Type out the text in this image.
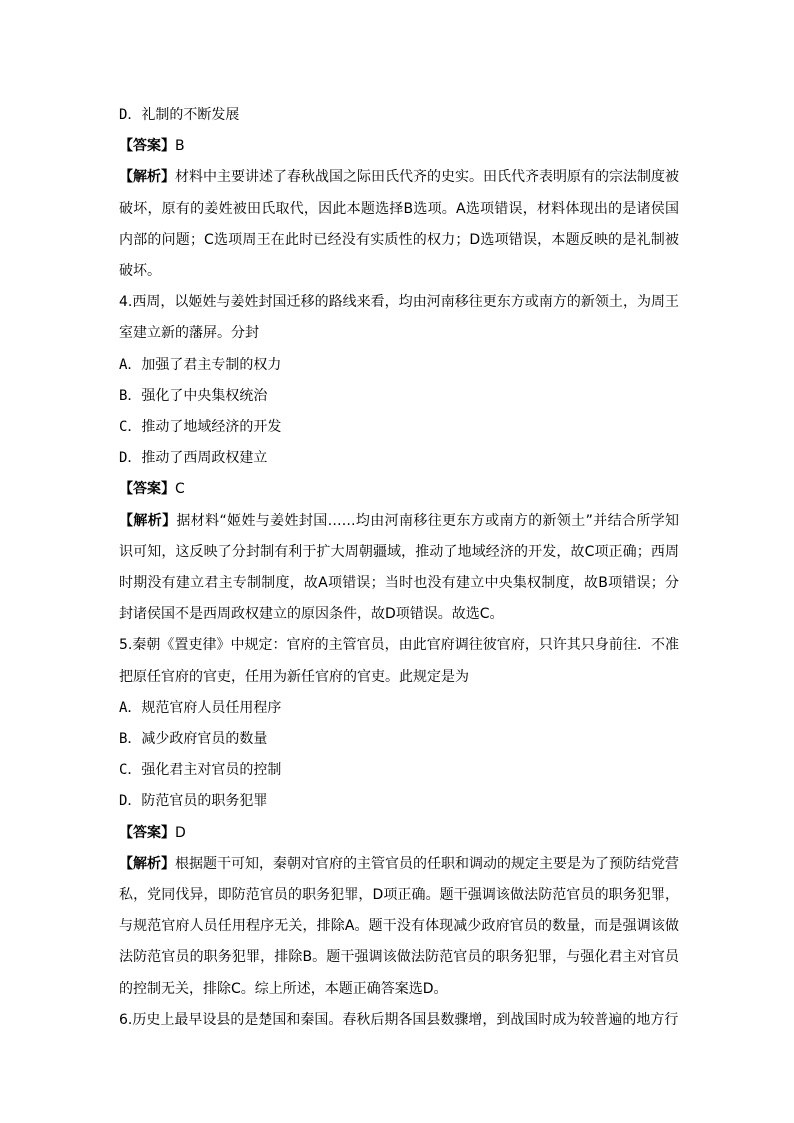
D．礼制的不断发展

【答案】B

【解析】材料中主要讲述了春秋战国之际田氏代齐的史实。田氏代齐表明原有的宗法制度被破坏，原有的姜姓被田氏取代，因此本题选择B选项。A选项错误，材料体现出的是诸侯国内部的问题；C选项周王在此时已经没有实质性的权力；D选项错误，本题反映的是礼制被破坏。

4.西周，以姬姓与姜姓封国迁移的路线来看，均由河南移往更东方或南方的新领土，为周王室建立新的藩屏。分封

A．加强了君主专制的权力

B．强化了中央集权统治

C．推动了地域经济的开发

D．推动了西周政权建立

【答案】C

【解析】据材料“姬姓与姜姓封国……均由河南移往更东方或南方的新领土”并结合所学知识可知，这反映了分封制有利于扩大周朝疆域，推动了地域经济的开发，故C项正确；西周时期没有建立君主专制制度，故A项错误；当时也没有建立中央集权制度，故B项错误；分封诸侯国不是西周政权建立的原因条件，故D项错误。故选C。

5.秦朝《置吏律》中规定：官府的主管官员，由此官府调往彼官府，只许其只身前往．不准把原任官府的官吏，任用为新任官府的官吏。此规定是为

A．规范官府人员任用程序

B．减少政府官员的数量

C．强化君主对官员的控制

D．防范官员的职务犯罪

【答案】D

【解析】根据题干可知，秦朝对官府的主管官员的任职和调动的规定主要是为了预防结党营私，党同伐异，即防范官员的职务犯罪，D项正确。题干强调该做法防范官员的职务犯罪，与规范官府人员任用程序无关，排除A。题干没有体现减少政府官员的数量，而是强调该做法防范官员的职务犯罪，排除B。题干强调该做法防范官员的职务犯罪，与强化君主对官员的控制无关，排除C。综上所述，本题正确答案选D。

6.历史上最早设县的是楚国和秦国。春秋后期各国县数骤增，到战国时成为较普遍的地方行
